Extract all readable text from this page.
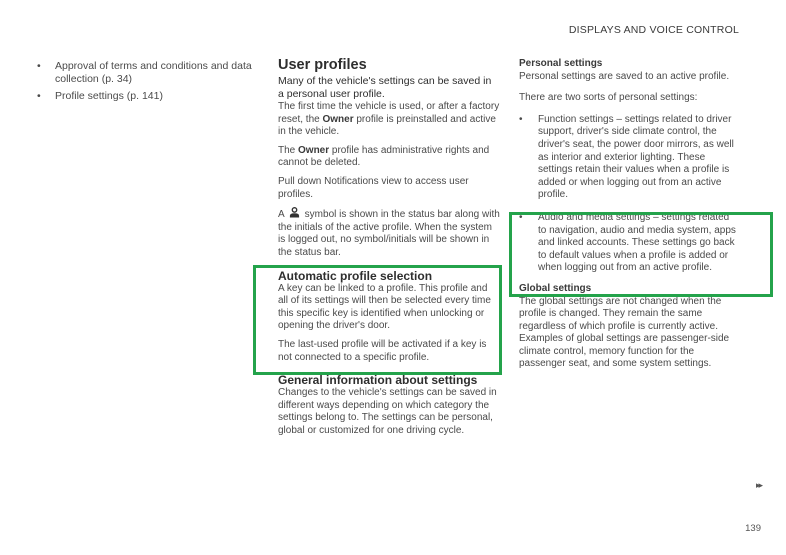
DISPLAYS AND VOICE CONTROL
• Approval of terms and conditions and data collection (p. 34)
• Profile settings (p. 141)
User profiles
Many of the vehicle's settings can be saved in a personal user profile.

The first time the vehicle is used, or after a factory reset, the Owner profile is preinstalled and active in the vehicle.

The Owner profile has administrative rights and cannot be deleted.

Pull down Notifications view to access user profiles.

A  symbol is shown in the status bar along with the initials of the active profile. When the system is logged out, no symbol/initials will be shown in the status bar.

Automatic profile selection

A key can be linked to a profile. This profile and all of its settings will then be selected every time this specific key is identified when unlocking or opening the driver's door.

The last-used profile will be activated if a key is not connected to a specific profile.

General information about settings

Changes to the vehicle's settings can be saved in different ways depending on which category the settings belong to. The settings can be personal, global or customized for one driving cycle.

Personal settings

Personal settings are saved to an active profile.

There are two sorts of personal settings:

• Function settings – settings related to driver support, driver's side climate control, the driver's seat, the power door mirrors, as well as interior and exterior lighting. These settings retain their values when a profile is added or when logging out from an active profile.
• Audio and media settings – settings related to navigation, audio and media system, apps and linked accounts. These settings go back to default values when a profile is added or when logging out from an active profile.
Global settings

The global settings are not changed when the profile is changed. They remain the same regardless of which profile is currently active. Examples of global settings are passenger-side climate control, memory function for the passenger seat, and some system settings.

▸▸
139
